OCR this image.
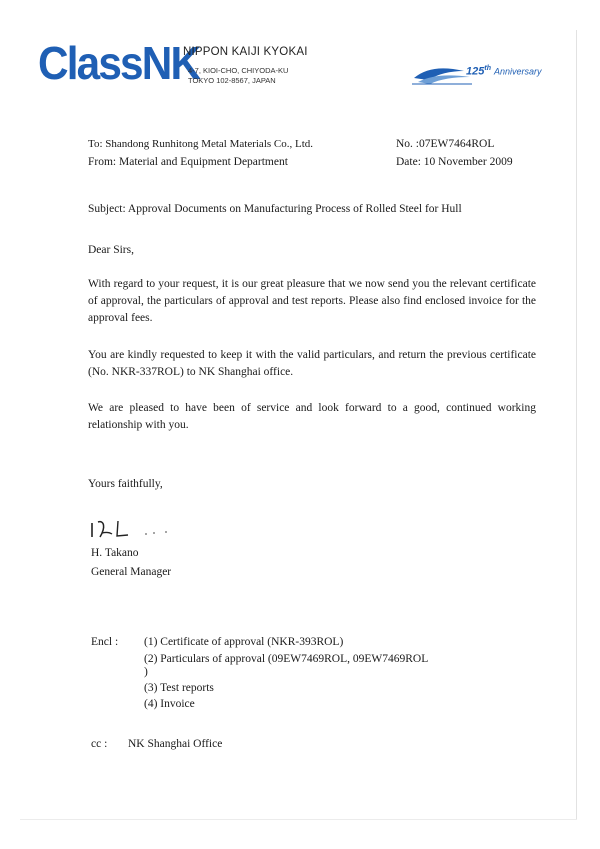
ClassNK
NIPPON KAIJI KYOKAI
4-7, KIOI-CHO, CHIYODA-KU
TOKYO 102-8567, JAPAN
125th Anniversary
To: Shandong Runhitong Metal Materials Co., Ltd.
From: Material and Equipment Department
No. :07EW7464ROL
Date: 10 November 2009
Subject: Approval Documents on Manufacturing Process of Rolled Steel for Hull
Dear Sirs,
With regard to your request, it is our great pleasure that we now send you the relevant certificate of approval, the particulars of approval and test reports. Please also find enclosed invoice for the approval fees.
You are kindly requested to keep it with the valid particulars, and return the previous certificate (No. NKR-337ROL) to NK Shanghai office.
We are pleased to have been of service and look forward to a good, continued working relationship with you.
Yours faithfully,
H. Takano
General Manager
Encl : (1) Certificate of approval (NKR-393ROL)
(2) Particulars of approval (09EW7469ROL, 09EW7469ROL
)
(3) Test reports
(4) Invoice
cc : NK Shanghai Office
